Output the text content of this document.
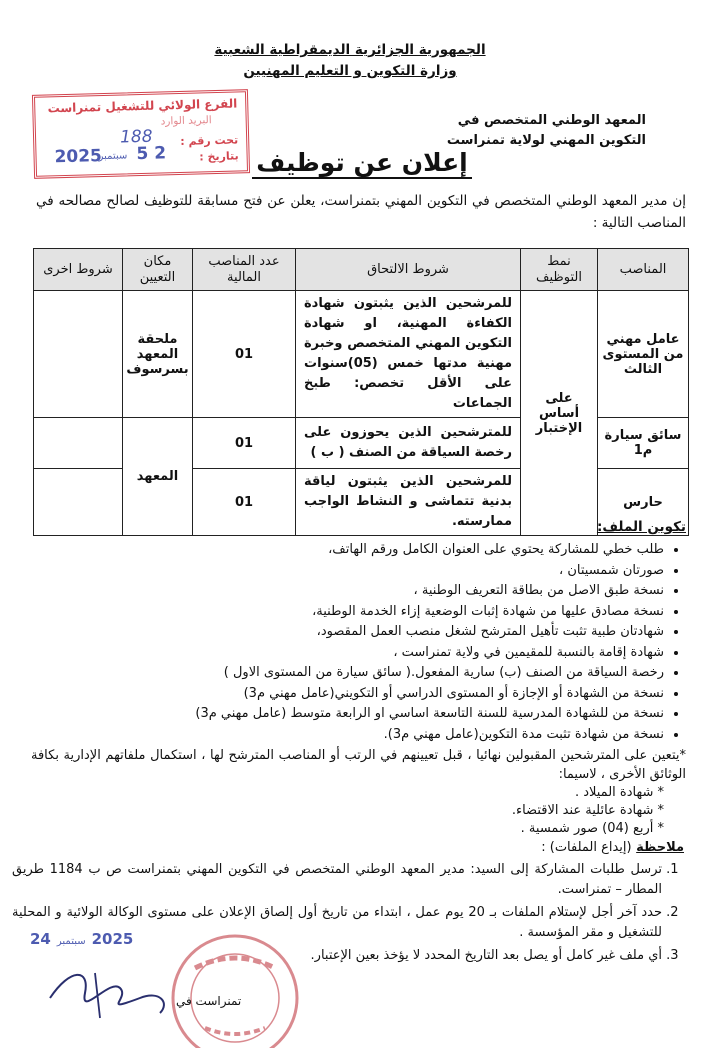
الجمهورية الجزائرية الديمقراطية الشعبية
وزارة التكوين و التعليم المهنيين
المعهد الوطني المتخصص في
التكوين المهني لولاية تمنراست
الفرع الولائي للتشغيل تمنراست
البريد الوارد
تحت رقم :
بتاريخ :
188
2025
سبتمبر 2 5	إعلان عن توظيف
إن مدير المعهد الوطني المتخصص في التكوين المهني بتمنراست، يعلن عن فتح مسابقة للتوظيف لصالح مصالحه في المناصب التالية :
المناصب	نمط التوظيف	شروط الالتحاق	عدد المناصب المالية	مكان التعيين	شروط اخرى
عامل مهني من المستوى الثالث	على أساس الإختبار	للمرشحين الذين يثبتون شهادة الكفاءة المهنية، او شهادة التكوين المهني المتخصص وخبرة مهنية مدتها خمس (05)سنوات على الأقل تخصص: طبخ الجماعات	01	ملحقة المعهد بسرسوف	
سائق سيارة م1		للمترشحين الذين يحوزون على رخصة السياقة من الصنف ( ب )	01	المعهد	
حارس		للمرشحين الذين يثبتون لياقة بدنية تتماشى و النشاط الواجب ممارسته.	01		
تكوين الملف:
• طلب خطي للمشاركة يحتوي على العنوان الكامل ورقم الهاتف،
• صورتان شمسيتان ،
• نسخة طبق الاصل من بطاقة التعريف الوطنية ،
• نسخة مصادق عليها من شهادة إثبات الوضعية إزاء الخدمة الوطنية،
• شهادتان طبية تثبت تأهيل المترشح لشغل منصب العمل المقصود،
• شهادة إقامة بالنسبة للمقيمين في ولاية تمنراست ،
• رخصة السياقة من الصنف (ب) سارية المفعول.( سائق سيارة من المستوى الاول )
• نسخة من الشهادة أو الإجازة أو المستوى الدراسي أو التكويني(عامل مهني م3)
• نسخة من للشهادة المدرسية للسنة التاسعة اساسي او الرابعة متوسط (عامل مهني م3)
• نسخة من شهادة تثبت مدة التكوين(عامل مهني م3).
*يتعين على المترشحين المقبولين نهائيا ، قبل تعيينهم في الرتب أو المناصب المترشح لها ، استكمال ملفاتهم الإدارية بكافة الوثائق الأخرى ، لاسيما:
* شهادة الميلاد .
* شهادة عائلية عند الاقتضاء.
* أربع (04) صور شمسية .
ملاحظة (إيداع الملفات) :
1. ترسل طلبات المشاركة إلى السيد: مدير المعهد الوطني المتخصص في التكوين المهني بتمنراست ص ب 1184 طريق المطار – تمنراست.
2. حدد آخر أجل لإستلام الملفات بـ 20 يوم عمل ، ابتداء من تاريخ أول إلصاق الإعلان على مستوى الوكالة الولائية و المحلية للتشغيل و مقر المؤسسة .
3. أي ملف غير كامل أو يصل بعد التاريخ المحدد لا يؤخذ بعين الإعتبار.
2025سبتمبر24
تمنراست في
